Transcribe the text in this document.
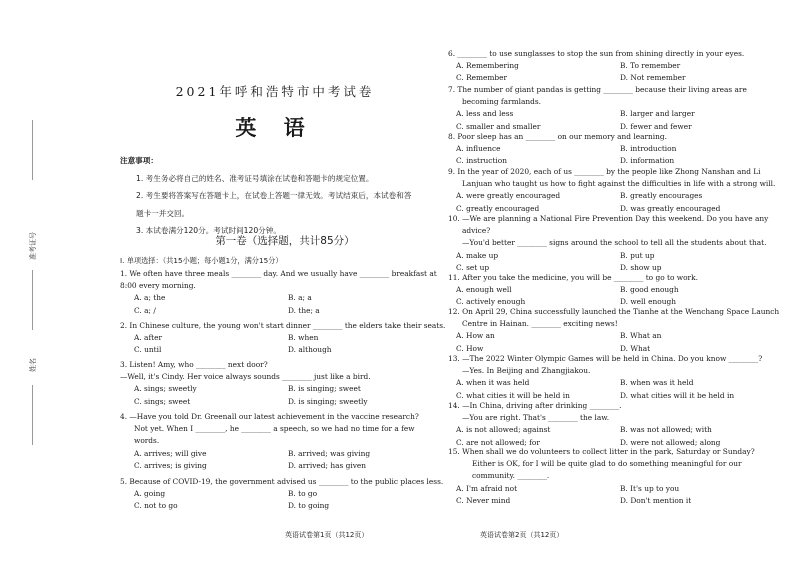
准考证号
姓名
2021年呼和浩特市中考试卷
英 语
注意事项：
1. 考生务必将自己的姓名、准考证号填涂在试卷和答题卡的规定位置。
2. 考生要将答案写在答题卡上，在试卷上答题一律无效。考试结束后，本试卷和答
题卡一并交回。
3. 本试卷满分120分。考试时间120分钟。
第一卷（选择题，共计85分）
I. 单项选择：（共15小题；每小题1分，满分15分）
1. We often have three meals ________ day. And we usually have ________ breakfast at
8:00 every morning.
A. a; the	B. a; a
C. a; /	D. the; a
2. In Chinese culture, the young won't start dinner ________ the elders take their seats.
A. after	B. when
C. until	D. although
3. Listen! Amy, who ________ next door?
—Well, it's Cindy. Her voice always sounds ________ just like a bird.
A. sings; sweetly	B. is singing; sweet
C. sings; sweet	D. is singing; sweetly
4. —Have you told Dr. Greenall our latest achievement in the vaccine research?
Not yet. When I ________, he ________ a speech, so we had no time for a few
words.
A. arrives; will give	B. arrived; was giving
C. arrives; is giving	D. arrived; has given
5. Because of COVID-19, the government advised us ________ to the public places less.
A. going	B. to go
C. not to go	D. to going
6. ________ to use sunglasses to stop the sun from shining directly in your eyes.
A. Remembering	B. To remember
C. Remember	D. Not remember
7. The number of giant pandas is getting ________ because their living areas are
becoming farmlands.
A. less and less	B. larger and larger
C. smaller and smaller	D. fewer and fewer
8. Poor sleep has an ________ on our memory and learning.
A. influence	B. introduction
C. instruction	D. information
9. In the year of 2020, each of us ________ by the people like Zhong Nanshan and Li
Lanjuan who taught us how to fight against the difficulties in life with a strong will.
A. were greatly encouraged	B. greatly encourages
C. greatly encouraged	D. was greatly encouraged
10. —We are planning a National Fire Prevention Day this weekend. Do you have any
advice?
—You'd better ________ signs around the school to tell all the students about that.
A. make up	B. put up
C. set up	D. show up
11. After you take the medicine, you will be ________ to go to work.
A. enough well	B. good enough
C. actively enough	D. well enough
12. On April 29, China successfully launched the Tianhe at the Wenchang Space Launch
Centre in Hainan. ________ exciting news!
A. How an	B. What an
C. How	D. What
13. —The 2022 Winter Olympic Games will be held in China. Do you know ________?
—Yes. In Beijing and Zhangjiakou.
A. when it was held	B. when was it held
C. what cities it will be held in	D. what cities will it be held in
14. —In China, driving after drinking ________.
—You are right. That's ________ the law.
A. is not allowed; against	B. was not allowed; with
C. are not allowed; for	D. were not allowed; along
15. When shall we do volunteers to collect litter in the park, Saturday or Sunday?
Either is OK, for I will be quite glad to do something meaningful for our
community. ________.
A. I'm afraid not	B. It's up to you
C. Never mind	D. Don't mention it
英语试卷第1页（共12页）	英语试卷第2页（共12页）
